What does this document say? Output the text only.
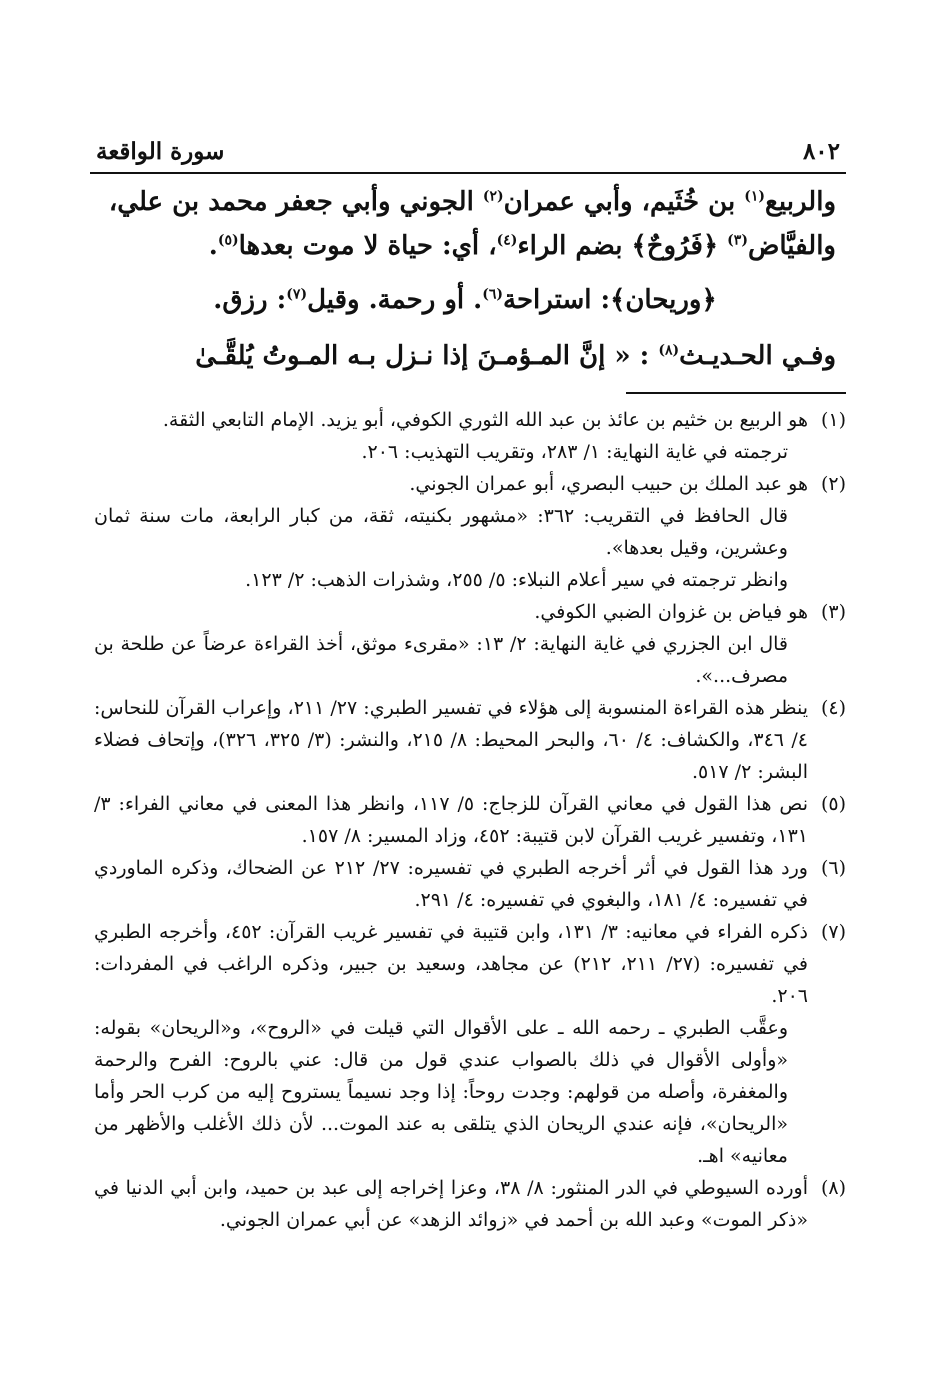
٨٠٢
سورة الواقعة

والربيع$^{(١)}$ بن خُثَيم، وأبي عمران$^{(٢)}$ الجوني وأبي جعفر محمد بن علي، والفيَّاض$^{(٣)}$ ﴿فَرُوحٌ﴾ بضم الراء$^{(٤)}$، أي: حياة لا موت بعدها$^{(٥)}$.

﴿وريحان﴾: استراحة$^{(٦)}$. أو رحمة. وقيل$^{(٧)}$: رزق.

وفـي الحـديـث$^{(٨)}$ : « إنَّ المـؤمـنَ إذا نـزل بـه المـوتُ يُلقَّـىٰ

(١)
هو الربيع بن خثيم بن عائذ بن عبد الله الثوري الكوفي، أبو يزيد. الإمام التابعي الثقة.
ترجمته في غاية النهاية: ١/ ٢٨٣، وتقريب التهذيب: ٢٠٦.
(٢)
هو عبد الملك بن حبيب البصري، أبو عمران الجوني.
قال الحافظ في التقريب: ٣٦٢: «مشهور بكنيته، ثقة، من كبار الرابعة، مات سنة ثمان وعشرين، وقيل بعدها».
وانظر ترجمته في سير أعلام النبلاء: ٥/ ٢٥٥، وشذرات الذهب: ٢/ ١٢٣.
(٣)
هو فياض بن غزوان الضبي الكوفي.
قال ابن الجزري في غاية النهاية: ٢/ ١٣: «مقرىء موثق، أخذ القراءة عرضاً عن طلحة بن مصرف...».
(٤)
ينظر هذه القراءة المنسوبة إلى هؤلاء في تفسير الطبري: ٢٧/ ٢١١، وإعراب القرآن للنحاس: ٤/ ٣٤٦، والكشاف: ٤/ ٦٠، والبحر المحيط: ٨/ ٢١٥، والنشر: (٣/ ٣٢٥، ٣٢٦)، وإتحاف فضلاء البشر: ٢/ ٥١٧.
(٥)
نص هذا القول في معاني القرآن للزجاج: ٥/ ١١٧، وانظر هذا المعنى في معاني الفراء: ٣/ ١٣١، وتفسير غريب القرآن لابن قتيبة: ٤٥٢، وزاد المسير: ٨/ ١٥٧.
(٦)
ورد هذا القول في أثر أخرجه الطبري في تفسيره: ٢٧/ ٢١٢ عن الضحاك، وذكره الماوردي في تفسيره: ٤/ ١٨١، والبغوي في تفسيره: ٤/ ٢٩١.
(٧)
ذكره الفراء في معانيه: ٣/ ١٣١، وابن قتيبة في تفسير غريب القرآن: ٤٥٢، وأخرجه الطبري في تفسيره: (٢٧/ ٢١١، ٢١٢) عن مجاهد، وسعيد بن جبير، وذكره الراغب في المفردات: ٢٠٦.
وعقَّب الطبري ـ رحمه الله ـ على الأقوال التي قيلت في «الروح»، و«الريحان» بقوله: «وأولى الأقوال في ذلك بالصواب عندي قول من قال: عني بالروح: الفرح والرحمة والمغفرة، وأصله من قولهم: وجدت روحاً: إذا وجد نسيماً يستروح إليه من كرب الحر وأما «الريحان»، فإنه عندي الريحان الذي يتلقى به عند الموت... لأن ذلك الأغلب والأظهر من معانيه» اهـ.
(٨)
أورده السيوطي في الدر المنثور: ٨/ ٣٨، وعزا إخراجه إلى عبد بن حميد، وابن أبي الدنيا في «ذكر الموت» وعبد الله بن أحمد في «زوائد الزهد» عن أبي عمران الجوني.
